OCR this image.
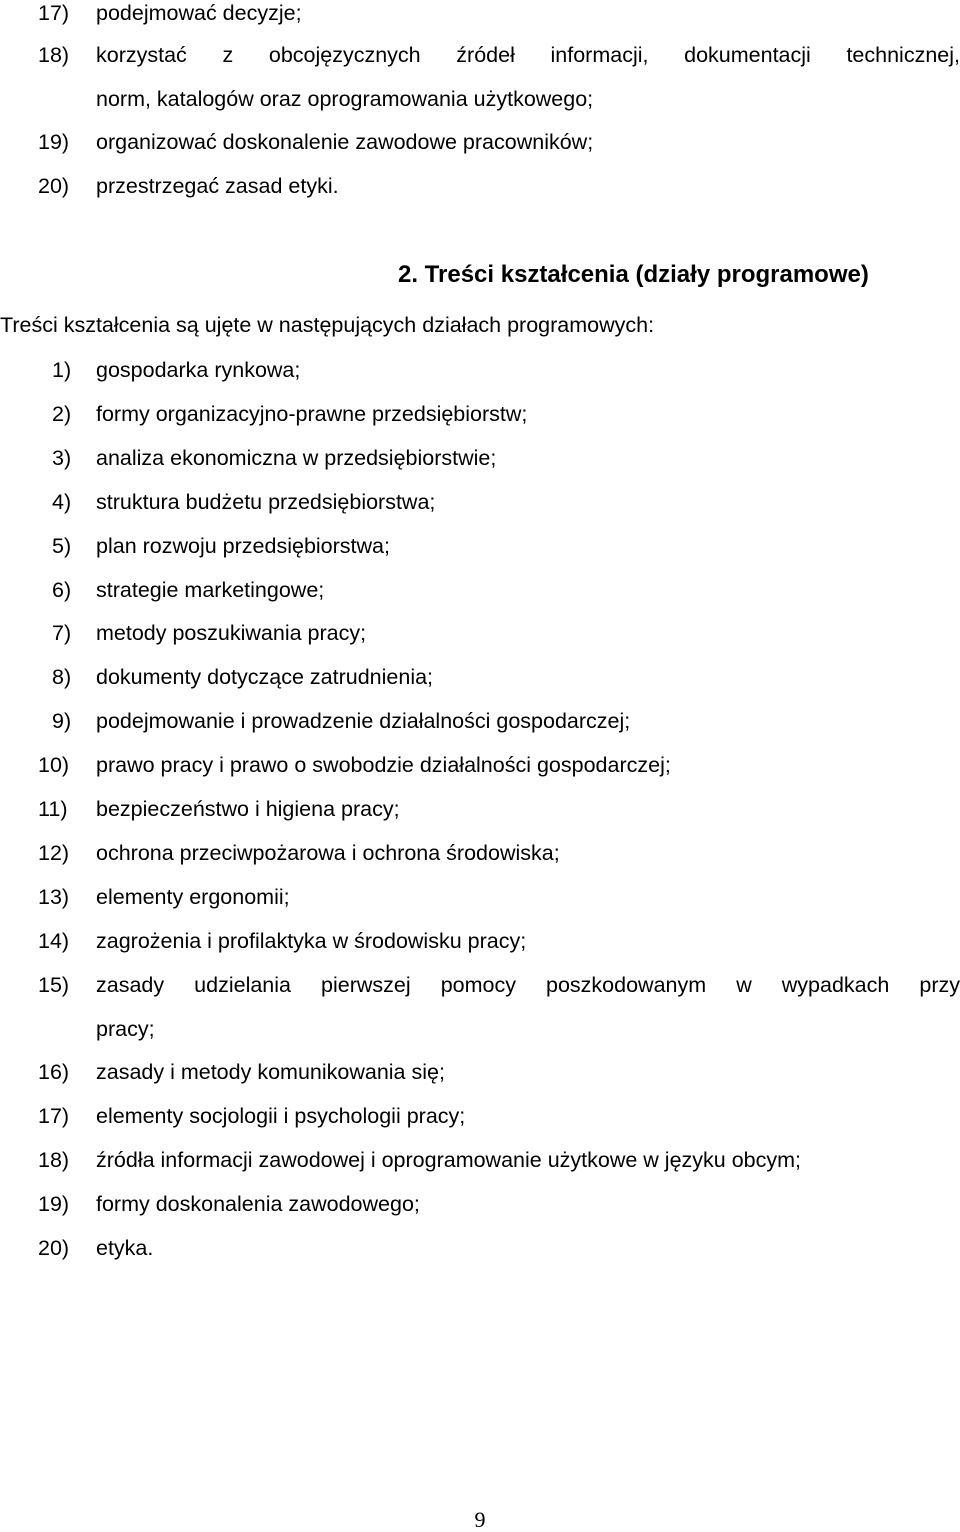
17)	podejmować decyzje;
18)	korzystać z obcojęzycznych źródeł informacji, dokumentacji technicznej,
norm, katalogów oraz oprogramowania użytkowego;
19)	organizować doskonalenie zawodowe pracowników;
20)	przestrzegać zasad etyki.
2. Treści kształcenia (działy programowe)
Treści kształcenia są ujęte w następujących działach programowych:
1)	gospodarka rynkowa;
2)	formy organizacyjno-prawne przedsiębiorstw;
3)	analiza ekonomiczna w przedsiębiorstwie;
4)	struktura budżetu przedsiębiorstwa;
5)	plan rozwoju przedsiębiorstwa;
6)	strategie marketingowe;
7)	metody poszukiwania pracy;
8)	dokumenty dotyczące zatrudnienia;
9)	podejmowanie i prowadzenie działalności gospodarczej;
10)	prawo pracy i prawo o swobodzie działalności gospodarczej;
11)	bezpieczeństwo i higiena pracy;
12)	ochrona przeciwpożarowa i ochrona środowiska;
13)	elementy ergonomii;
14)	zagrożenia i profilaktyka w środowisku pracy;
15)	zasady udzielania pierwszej pomocy poszkodowanym w wypadkach przy
pracy;
16)	zasady i metody komunikowania się;
17)	elementy socjologii i psychologii pracy;
18)	źródła informacji zawodowej i oprogramowanie użytkowe w języku obcym;
19)	formy doskonalenia zawodowego;
20)	etyka.
9
